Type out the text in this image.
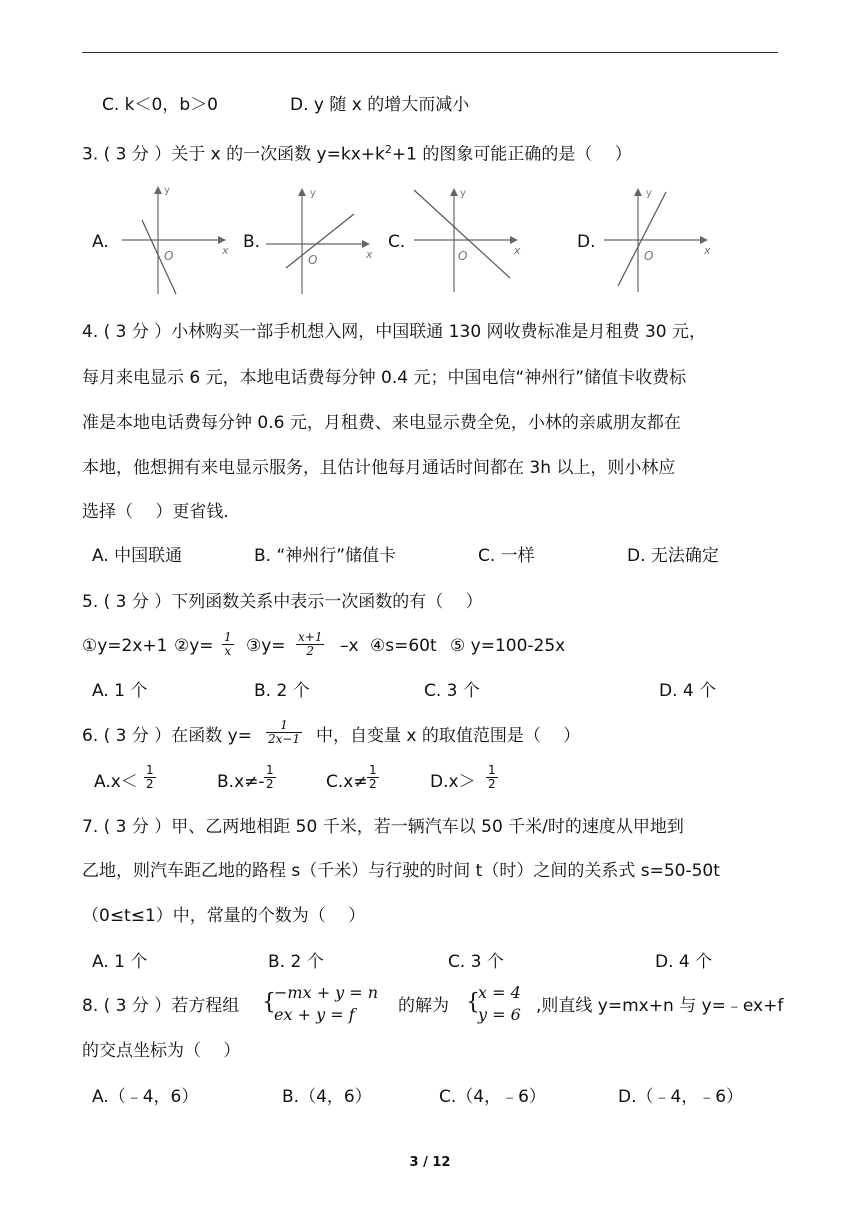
C. k＜0，b＞0	D. y 随 x 的增大而减小
3. ( 3 分 ）关于 x 的一次函数 $y=kx+k^2+1$ 的图象可能正确的是（　 ）
A.
y
x
O
B.
y
x
O
C.
y
x
O
D.
y
x
O
4. ( 3 分 ）小林购买一部手机想入网，中国联通 130 网收费标准是月租费 30 元，
每月来电显示 6 元，本地电话费每分钟 0.4 元；中国电信“神州行”储值卡收费标
准是本地电话费每分钟 0.6 元，月租费、来电显示费全免，小林的亲戚朋友都在
本地，他想拥有来电显示服务，且估计他每月通话时间都在 3h 以上，则小林应
选择（　 ）更省钱.
A. 中国联通	B. “神州行”储值卡	C. 一样	D. 无法确定
5. ( 3 分 ）下列函数关系中表示一次函数的有（　 ）
①y=2x+1 ②y= $\frac{1}{x}$ ③y= $\frac{x+1}{2} -x$ ④s=60t ⑤ y=100-25x
A. 1 个	B. 2 个	C. 3 个	D. 4 个
6. ( 3 分 ）在函数 $y= \frac{1}{2x-1}$ 中，自变量 x 的取值范围是（　 ）
$A.x< \frac{1}{2}$	$B.x\ne- \frac{1}{2}$	$C.x\ne \frac{1}{2}$	$D.x> \frac{1}{2}$
7. ( 3 分 ）甲、乙两地相距 50 千米，若一辆汽车以 50 千米/时的速度从甲地到
乙地，则汽车距乙地的路程 s（千米）与行驶的时间 t（时）之间的关系式 s=50-50t
（0≤t≤1）中，常量的个数为（　 ）
A. 1 个	B. 2 个	C. 3 个	D. 4 个
8. ( 3 分 ）若方程组 {
−mx + y = n
ex + y = f	的解为 {
x = 4
y = 6 ,则直线 y=mx+n 与 y=﹣ex+f
的交点坐标为（　 ）
A.（﹣4，6）	B.（4，6）	C.（4，﹣6）	D.（﹣4，﹣6）
3 / 12
